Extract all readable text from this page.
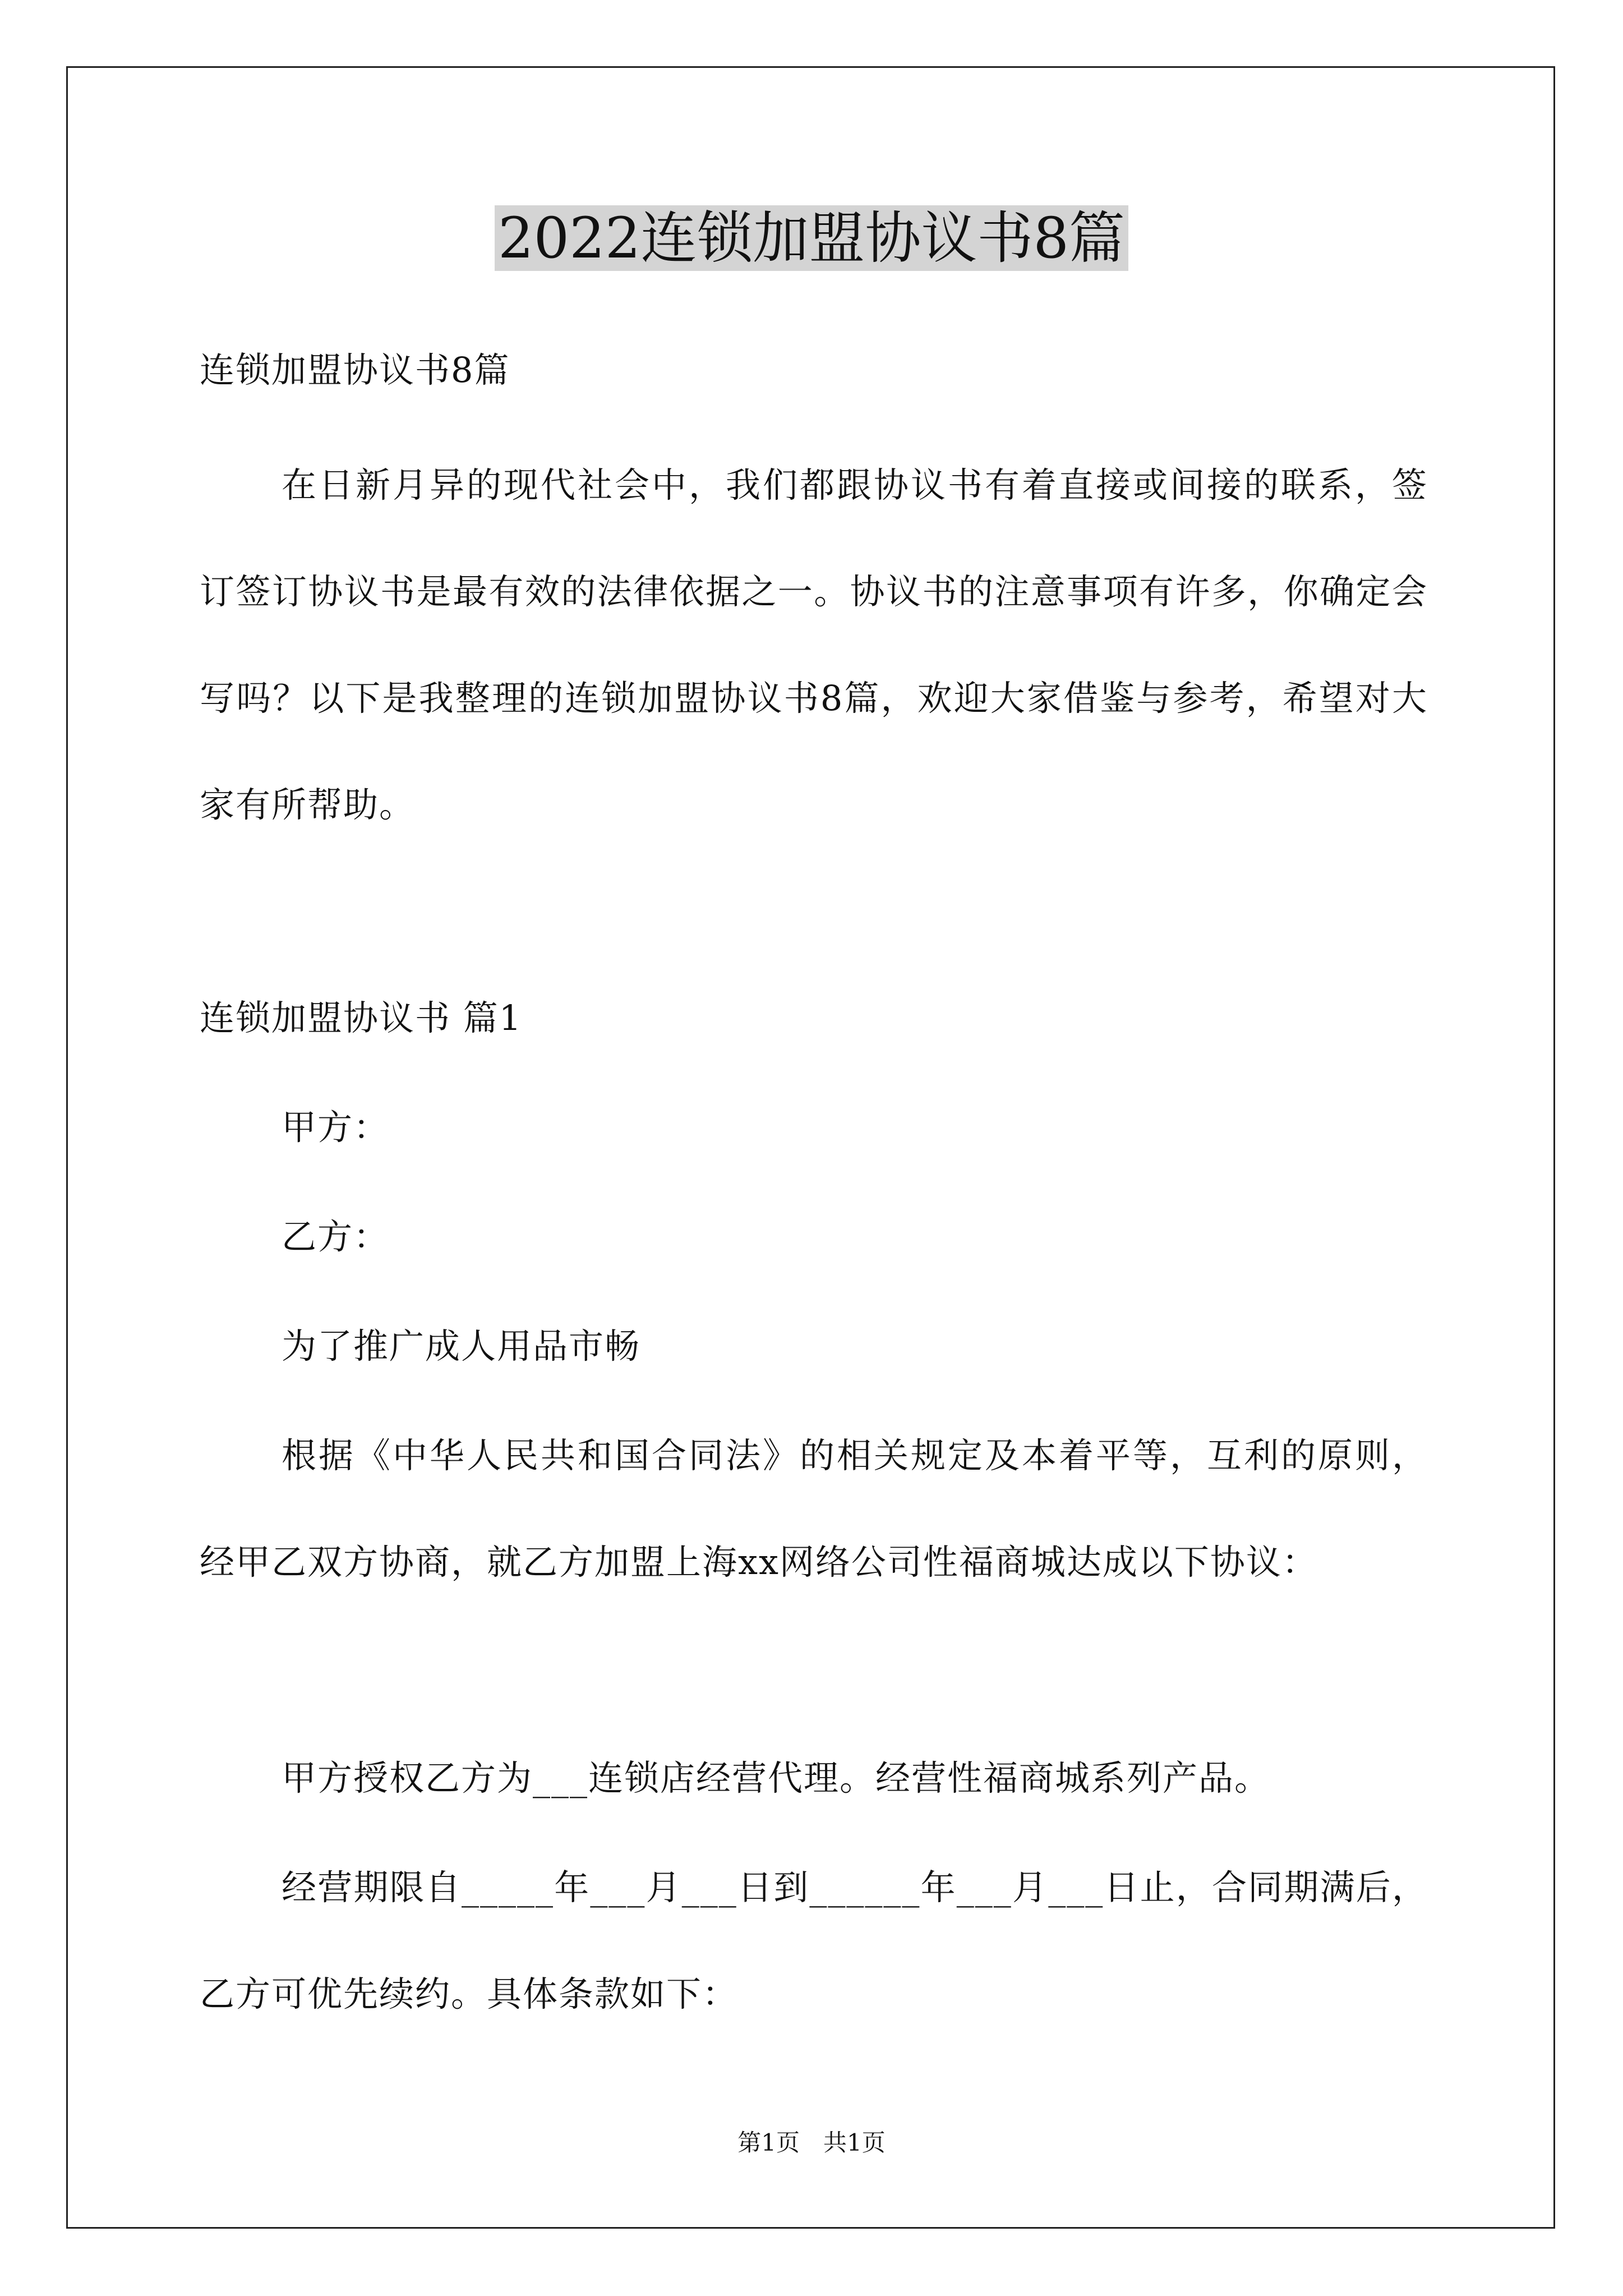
2022连锁加盟协议书8篇

连锁加盟协议书8篇

在日新月异的现代社会中，我们都跟协议书有着直接或间接的联系，签订签订协议书是最有效的法律依据之一。协议书的注意事项有许多，你确定会写吗？以下是我整理的连锁加盟协议书8篇，欢迎大家借鉴与参考，希望对大家有所帮助。

连锁加盟协议书 篇1

甲方：

乙方：

为了推广成人用品市畅

根据《中华人民共和国合同法》的相关规定及本着平等，互利的原则，经甲乙双方协商，就乙方加盟上海xx网络公司性福商城达成以下协议：

甲方授权乙方为___连锁店经营代理。经营性福商城系列产品。

经营期限自_____年___月___日到______年___月___日止，合同期满后，乙方可优先续约。具体条款如下：

第1页　共1页
